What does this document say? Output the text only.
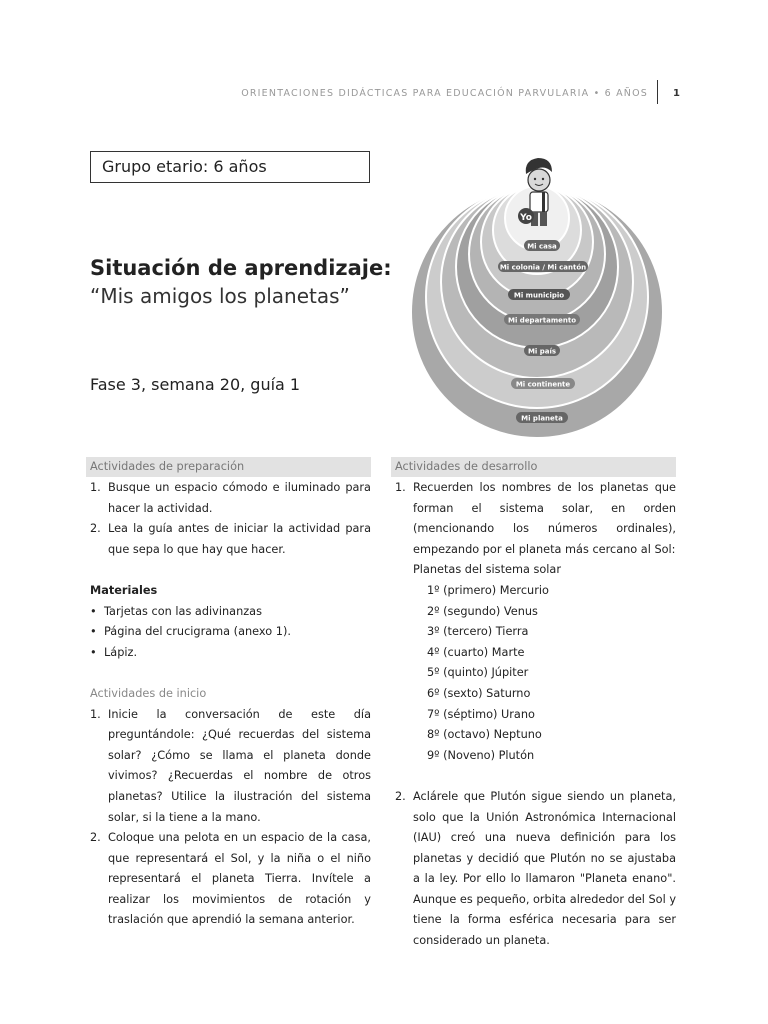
ORIENTACIONES DIDÁCTICAS PARA EDUCACIÓN PARVULARIA • 6 AÑOS	1
Grupo etario: 6 años
Situación de aprendizaje:
“Mis amigos los planetas”
Fase 3, semana 20, guía 1
Yo
Mi casa
Mi colonia / Mi cantón
Mi municipio
Mi departamento
Mi país
Mi continente
Mi planeta
Actividades de preparación
1. Busque un espacio cómodo e iluminado para hacer la actividad.
2. Lea la guía antes de iniciar la actividad para que sepa lo que hay que hacer.
Materiales
• Tarjetas con las adivinanzas
• Página del crucigrama (anexo 1).
• Lápiz.
Actividades de inicio
1. Inicie la conversación de este día preguntándole: ¿Qué recuerdas del sistema solar? ¿Cómo se llama el planeta donde vivimos? ¿Recuerdas el nombre de otros planetas? Utilice la ilustración del sistema solar, si la tiene a la mano.
2. Coloque una pelota en un espacio de la casa, que representará el Sol, y la niña o el niño representará el planeta Tierra. Invítele a realizar los movimientos de rotación y traslación que aprendió la semana anterior.
Actividades de desarrollo
1. Recuerden los nombres de los planetas que forman el sistema solar, en orden (mencionando los números ordinales), empezando por el planeta más cercano al Sol:
Planetas del sistema solar
1º (primero) Mercurio
2º (segundo) Venus
3º (tercero) Tierra
4º (cuarto) Marte
5º (quinto) Júpiter
6º (sexto) Saturno
7º (séptimo) Urano
8º (octavo) Neptuno
9º (Noveno) Plutón
2. Aclárele que Plutón sigue siendo un planeta, solo que la Unión Astronómica Internacional (IAU) creó una nueva definición para los planetas y decidió que Plutón no se ajustaba a la ley. Por ello lo llamaron "Planeta enano". Aunque es pequeño, orbita alrededor del Sol y tiene la forma esférica necesaria para ser considerado un planeta.
